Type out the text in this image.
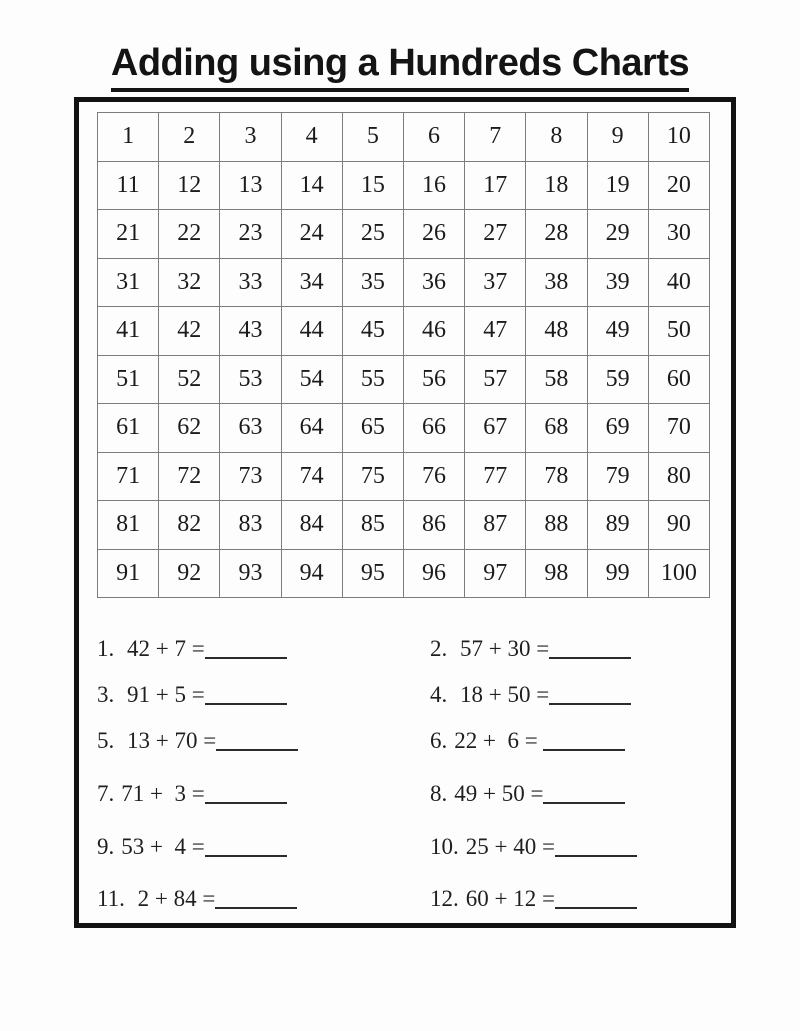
Adding using a Hundreds Charts
1	2	3	4	5	6	7	8	9	10
11	12	13	14	15	16	17	18	19	20
21	22	23	24	25	26	27	28	29	30
31	32	33	34	35	36	37	38	39	40
41	42	43	44	45	46	47	48	49	50
51	52	53	54	55	56	57	58	59	60
61	62	63	64	65	66	67	68	69	70
71	72	73	74	75	76	77	78	79	80
81	82	83	84	85	86	87	88	89	90
91	92	93	94	95	96	97	98	99	100
1. 42 + 7 =	2. 57 + 30 =
3. 91 + 5 =	4. 18 + 50 =
5. 13 + 70 =	6. 22 +  6 =
7. 71 +  3 =	8. 49 + 50 =
9. 53 +  4 =	10. 25 + 40 =
11. 2 + 84 =	12. 60 + 12 =
